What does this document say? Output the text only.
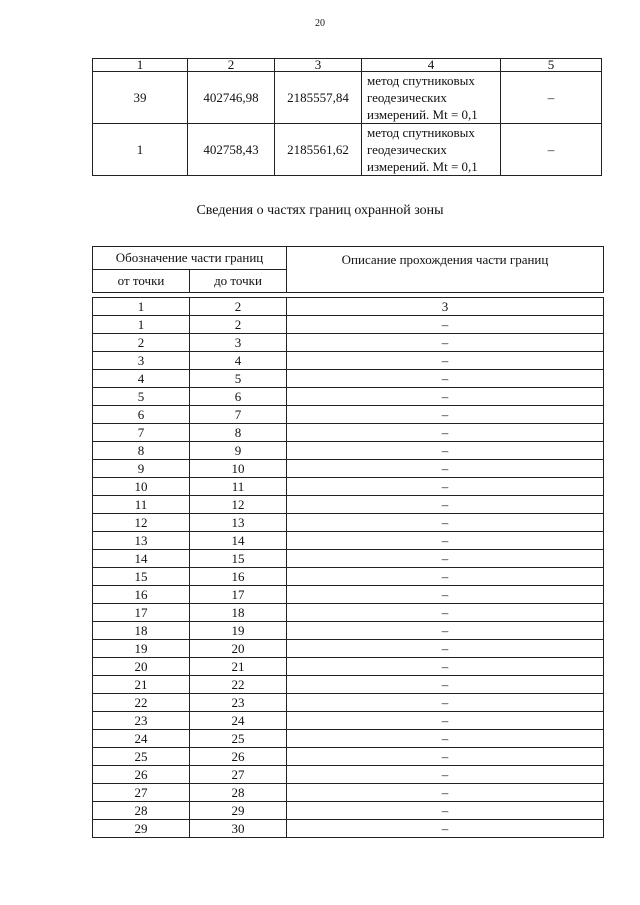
20
1	2	3	4	5
39	402746,98	2185557,84	метод спутниковых
геодезических
измерений. Mt = 0,1	–
1	402758,43	2185561,62	метод спутниковых
геодезических
измерений. Mt = 0,1	–
Сведения о частях границ охранной зоны
Обозначение части границ		Описание прохождения части границ
от точки	до точки	

1	2	3
1	2	–
2	3	–
3	4	–
4	5	–
5	6	–
6	7	–
7	8	–
8	9	–
9	10	–
10	11	–
11	12	–
12	13	–
13	14	–
14	15	–
15	16	–
16	17	–
17	18	–
18	19	–
19	20	–
20	21	–
21	22	–
22	23	–
23	24	–
24	25	–
25	26	–
26	27	–
27	28	–
28	29	–
29	30	–
